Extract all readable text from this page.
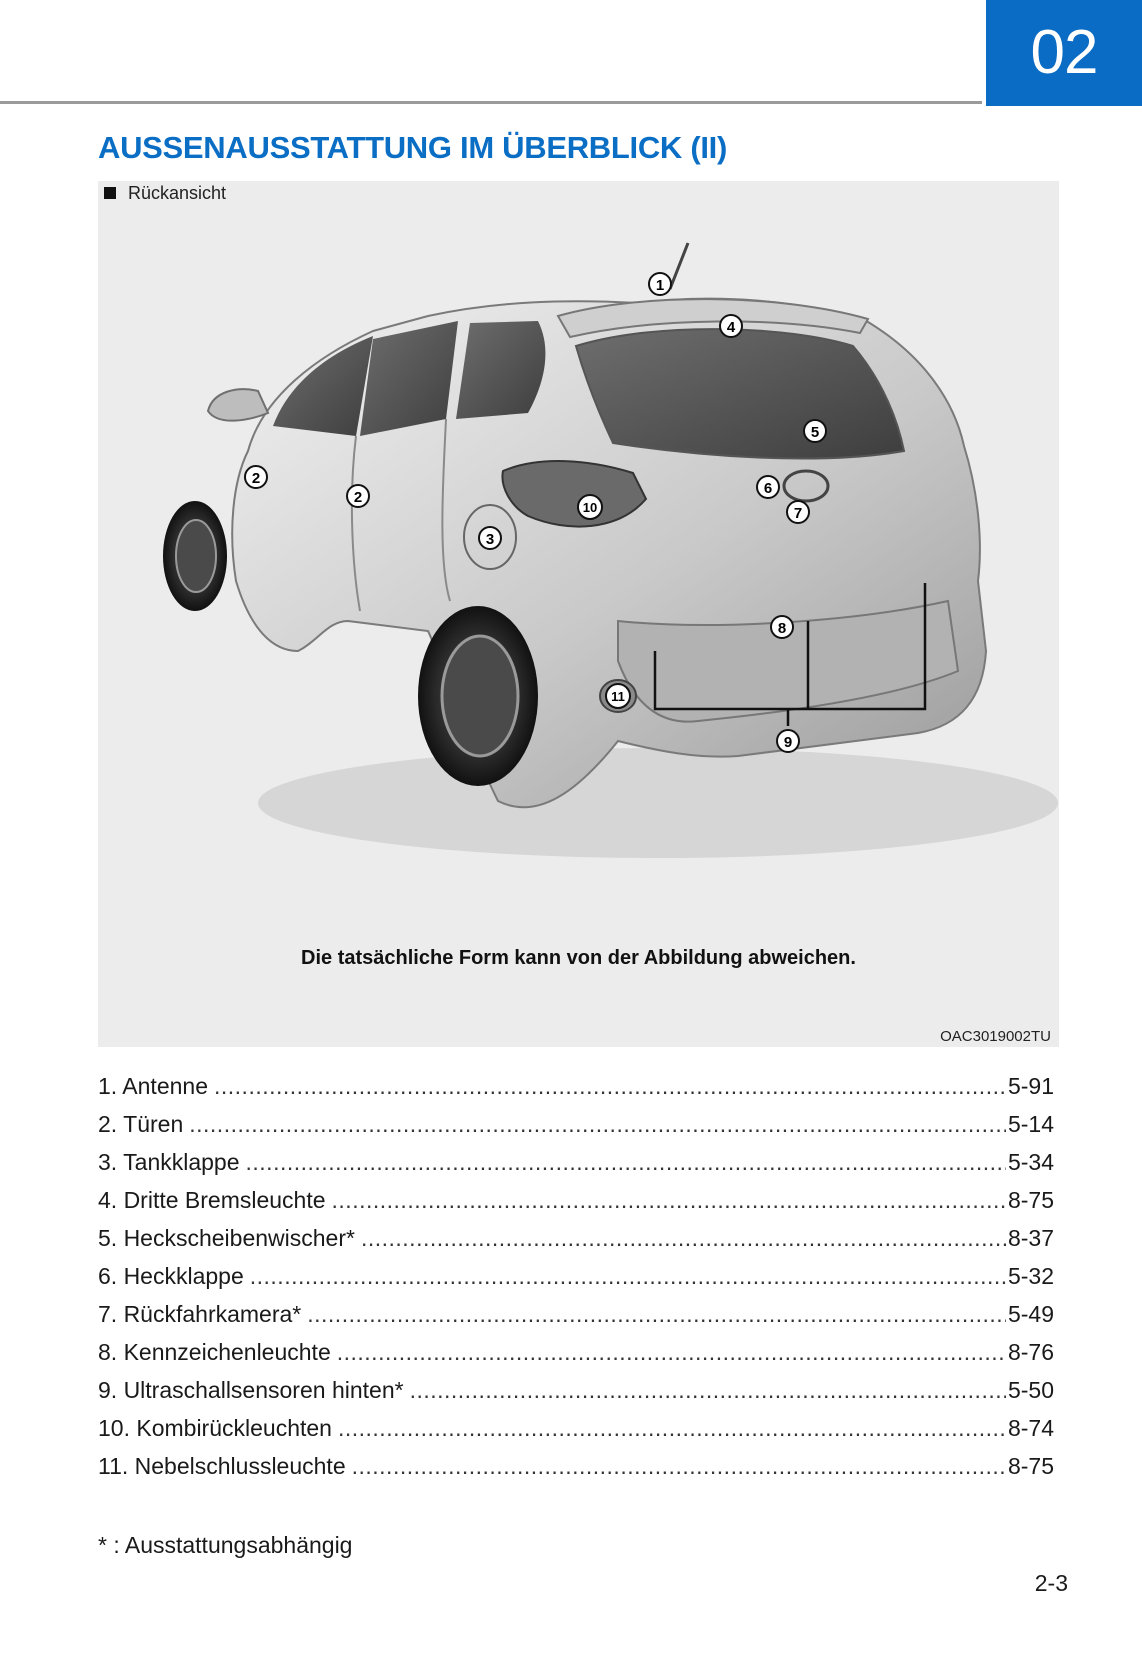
02
AUSSENAUSSTATTUNG IM ÜBERBLICK (II)
Rückansicht
1
2
2
3
4
5
6
7
8
9
10
11
Die tatsächliche Form kann von der Abbildung abweichen.
OAC3019002TU
1. Antenne .....	5-91
2. Türen .....	5-14
3. Tankklappe .....	5-34
4. Dritte Bremsleuchte .....	8-75
5. Heckscheibenwischer* .....	8-37
6. Heckklappe .....	5-32
7. Rückfahrkamera* .....	5-49
8. Kennzeichenleuchte .....	8-76
9. Ultraschallsensoren hinten* .....	5-50
10. Kombirückleuchten .....	8-74
11. Nebelschlussleuchte .....	8-75
* : Ausstattungsabhängig
2-3
